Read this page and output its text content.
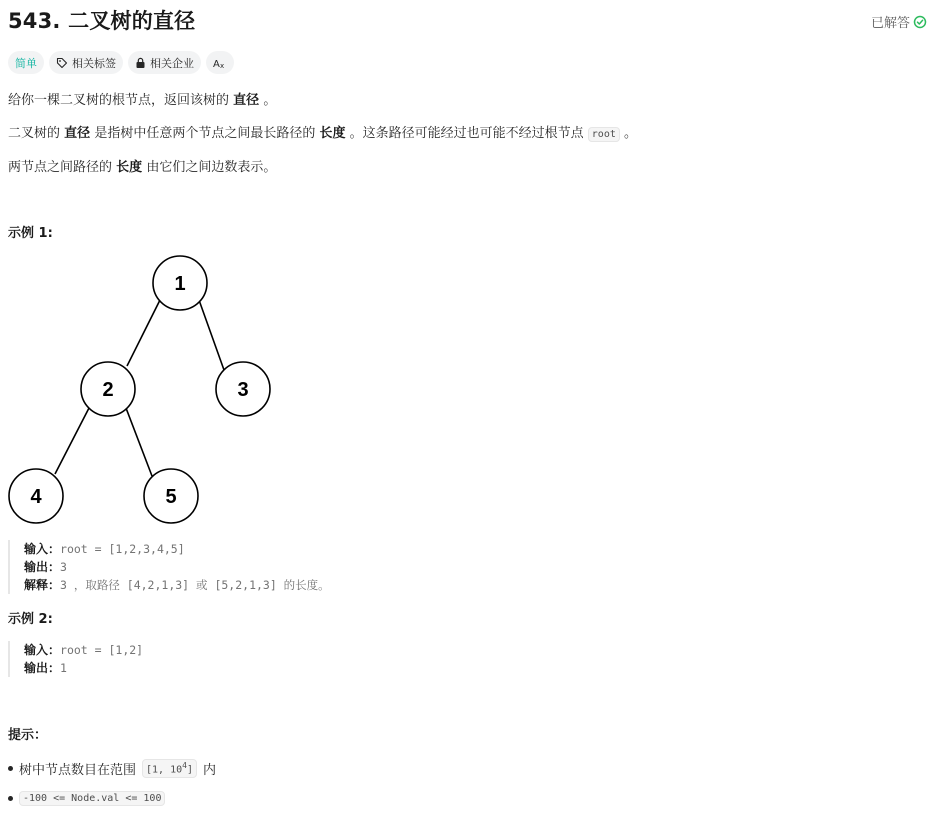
543. 二叉树的直径	已解答
简单	相关标签	相关企业 A x
给你一棵二叉树的根节点，返回该树的 直径 。
二叉树的 直径 是指树中任意两个节点之间最长路径的 长度 。这条路径可能经过也可能不经过根节点 root 。
两节点之间路径的 长度 由它们之间边数表示。
示例 1:
1
2	3
4	5
输入：root = [1,2,3,4,5]
输出：3
解释：3 ，取路径 [4,2,1,3] 或 [5,2,1,3] 的长度。
示例 2:
输入：root = [1,2]
输出：1
提示：
树中节点数目在范围	[1, $10^4$] 内
-100 <= Node.val <= 100
